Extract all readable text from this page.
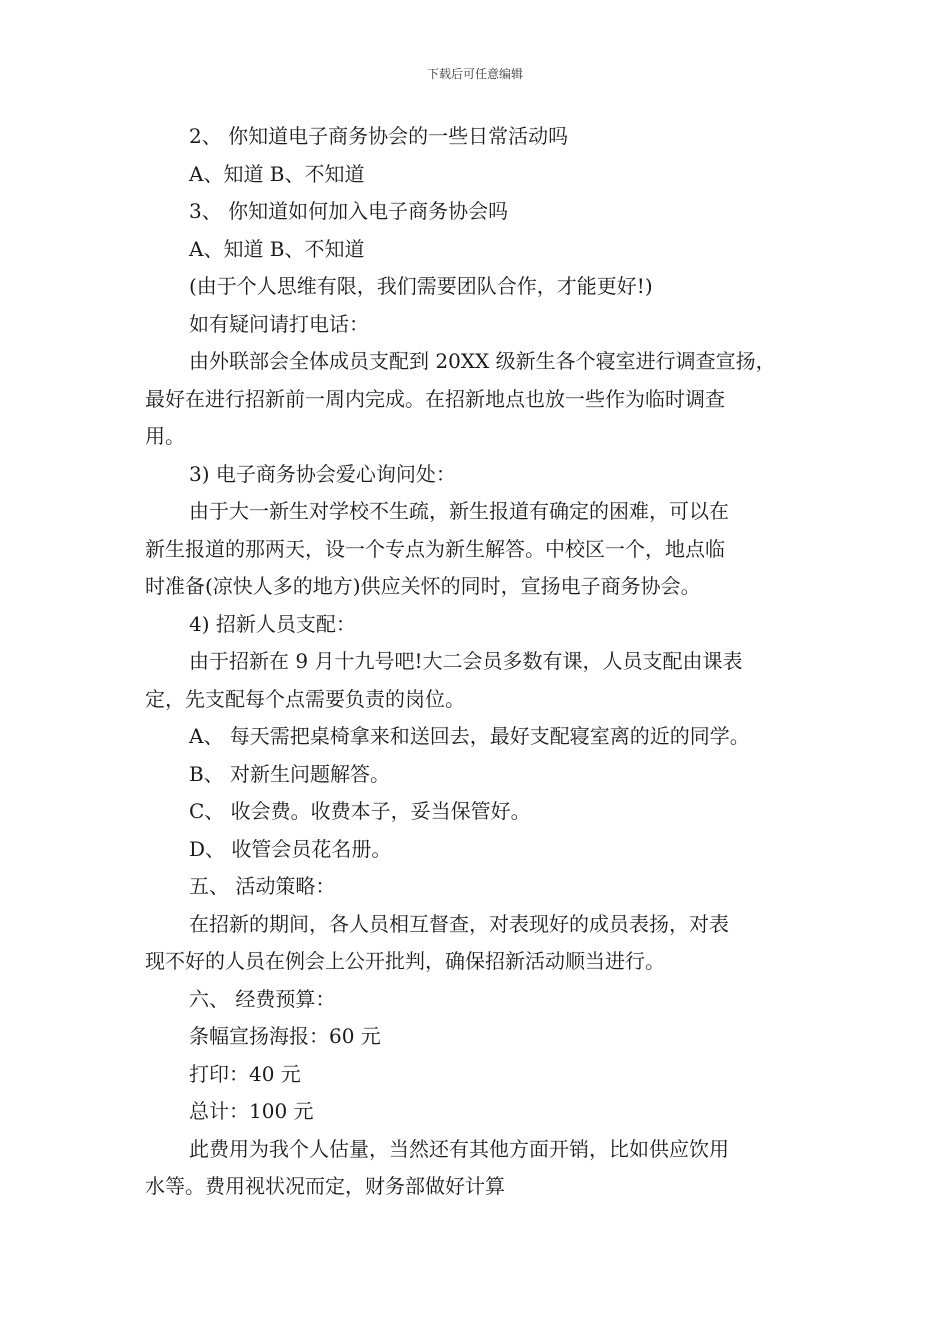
下载后可任意编辑
2、 你知道电子商务协会的一些日常活动吗
A、知道 B、不知道
3、 你知道如何加入电子商务协会吗
A、知道 B、不知道
(由于个人思维有限，我们需要团队合作，才能更好!)
如有疑问请打电话：
由外联部会全体成员支配到 20XX 级新生各个寝室进行调查宣扬，
最好在进行招新前一周内完成。在招新地点也放一些作为临时调查
用。
3) 电子商务协会爱心询问处：
由于大一新生对学校不生疏，新生报道有确定的困难，可以在
新生报道的那两天，设一个专点为新生解答。中校区一个，地点临
时准备(凉快人多的地方)供应关怀的同时，宣扬电子商务协会。
4) 招新人员支配：
由于招新在 9 月十九号吧!大二会员多数有课，人员支配由课表
定，先支配每个点需要负责的岗位。
A、 每天需把桌椅拿来和送回去，最好支配寝室离的近的同学。
B、 对新生问题解答。
C、 收会费。收费本子，妥当保管好。
D、 收管会员花名册。
五、 活动策略：
在招新的期间，各人员相互督查，对表现好的成员表扬，对表
现不好的人员在例会上公开批判，确保招新活动顺当进行。
六、 经费预算：
条幅宣扬海报：60 元
打印：40 元
总计：100 元
此费用为我个人估量，当然还有其他方面开销，比如供应饮用
水等。费用视状况而定，财务部做好计算
